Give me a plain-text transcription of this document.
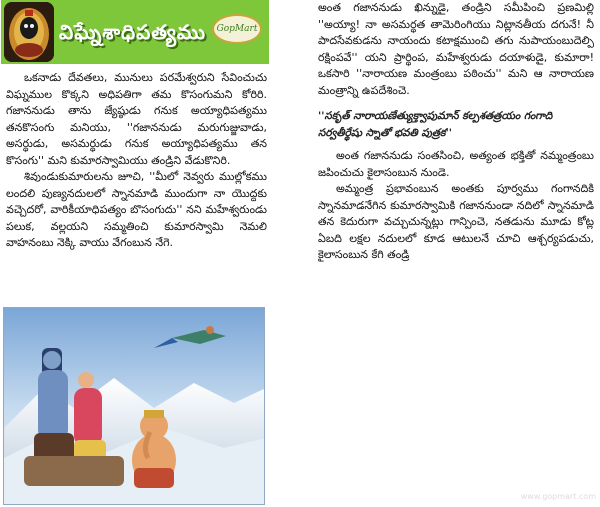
విఘ్నేశాధిపత్యము GopMart

ఒకనాడు దేవతలు, మునులు పరమేశ్వరుని సేవించుచు విఘ్నముల కొక్కని అధిపతిగా తమ కొసంగుమని కోరిరి. గజాననుడు తాను జ్యేష్ఠుడు గనుక అయ్యాధిపత్యము తనకొసంగు మనియు, ''గజాననుడు మరుగుజ్జువాడు, అసర్థుడు, అసమర్థుడు గనుక అయ్యాధిపత్యము తన కొసంగు'' మని కుమారస్వామియు తండ్రిని వేడుకొనిరి.

శివుండుకుమారులను జూచి, ''మీలో నెవ్వరు ముల్లోకము లందలి పుణ్యనదులలో స్నానమాడి ముందుగా నా యొద్దకు వచ్చెదరో, వారికీయాధిపత్యం బొసంగుదు'' నని మహేశ్వరుండు పలుక, వల్లయని సమ్మతించి కుమారస్వామి నెమలి వాహనంబు నెక్కి వాయు వేగంబున నేగె.

అంత గజాననుడు ఖిన్నుడై, తండ్రిని సమీపించి ప్రణమిల్లి ''అయ్యా! నా అసమర్థత తామెరింగియు నిట్లానతీయ దగునే! నీ పాదసేవకుడను నాయందు కటాక్షముంచి తగు నుపాయంబుదెల్పి రక్షింపవే'' యని ప్రార్థింప, మహేశ్వరుడు దయాళుడై, కుమారా! ఒకసారి ''నారాయణ మంత్రంబు పఠించు'' మని ఆ నారాయణ మంత్రాన్ని ఉపదేశించె.

''సకృత్ నారాయణేత్యుక్త్వాపుమాన్ కల్పశతత్రయం గంగాది సర్వతీర్థేషు స్నాతో భవతి పుత్రక''

అంత గజాననుడు సంతసించి, అత్యంత భక్తితో నమ్మంత్రంబు జపించుచు కైలాసంబున నుండె.

అమ్మంత్ర ప్రభావంబున అంతకు పూర్వము గంగానదికి స్నానమాడనేగిన కుమారస్వామికి గజాననుండా నదిలో స్నానమాడి తన కెదురుగా వచ్చుచున్నట్లు గాన్పించె, నతడును మూడు కోట్ల ఏబది లక్షల నదులలో కూడ ఆటులనే చూచి ఆశ్చర్యపడుచు, కైలాసంబున కేగి తండ్రి

www.gopmart.com
